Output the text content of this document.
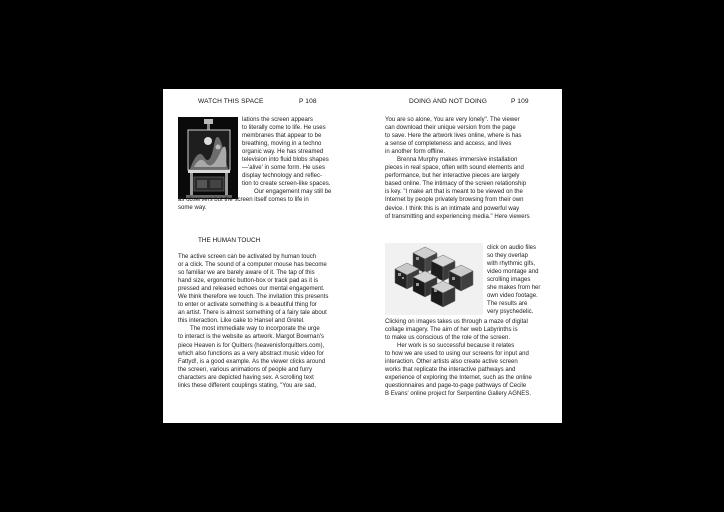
WATCH THIS SPACE	P 108
lations the screen appears
to literally come to life. He uses
membranes that appear to be
breathing, moving in a techno
organic way. He has streamed
television into fluid blobs shapes
—'alive' in some form. He uses
display technology and reflec-
tion to create screen-like spaces.
Our engagement may still be
as observers but the screen itself comes to life in
some way.
THE HUMAN TOUCH
The active screen can be activated by human touch
or a click. The sound of a computer mouse has become
so familiar we are barely aware of it. The tap of this
hand size, ergonomic button-box or track pad as it is
pressed and released echoes our mental engagement.
We think therefore we touch. The invitation this presents
to enter or activate something is a beautiful thing for
an artist. There is almost something of a fairy tale about
this interaction. Like cake to Hansel and Gretel.
The most immediate way to incorporate the urge
to interact is the website as artwork. Margot Bowman's
piece Heaven is for Quitters (heavenisforquitters.com),
which also functions as a very abstract music video for
Fattyd!, is a good example. As the viewer clicks around
the screen, various animations of people and furry
characters are depicted having sex. A scrolling text
links these different couplings stating, "You are sad,
DOING AND NOT DOING	P 109
You are so alone, You are very lonely". The viewer
can download their unique version from the page
to save. Here the artwork lives online, where is has
a sense of completeness and access, and lives
in another form offline.
Brenna Murphy makes immersive installation
pieces in real space, often with sound elements and
performance, but her interactive pieces are largely
based online. The intimacy of the screen relationship
is key. "I make art that is meant to be viewed on the
Internet by people privately browsing from their own
device. I think this is an intimate and powerful way
of transmitting and experiencing media." Here viewers
click on audio files
so they overlap
with rhythmic gifs,
video montage and
scrolling images
she makes from her
own video footage.
The results are
very psychedelic.
Clicking on images takes us through a maze of digital
collage imagery. The aim of her web Labyrinths is
to make us conscious of the role of the screen.
Her work is so successful because it relates
to how we are used to using our screens for input and
interaction. Other artists also create active screen
works that replicate the interactive pathways and
experience of exploring the Internet, such as the online
questionnaires and page-to-page pathways of Cecile
B Evans' online project for Serpentine Gallery AGNES.
